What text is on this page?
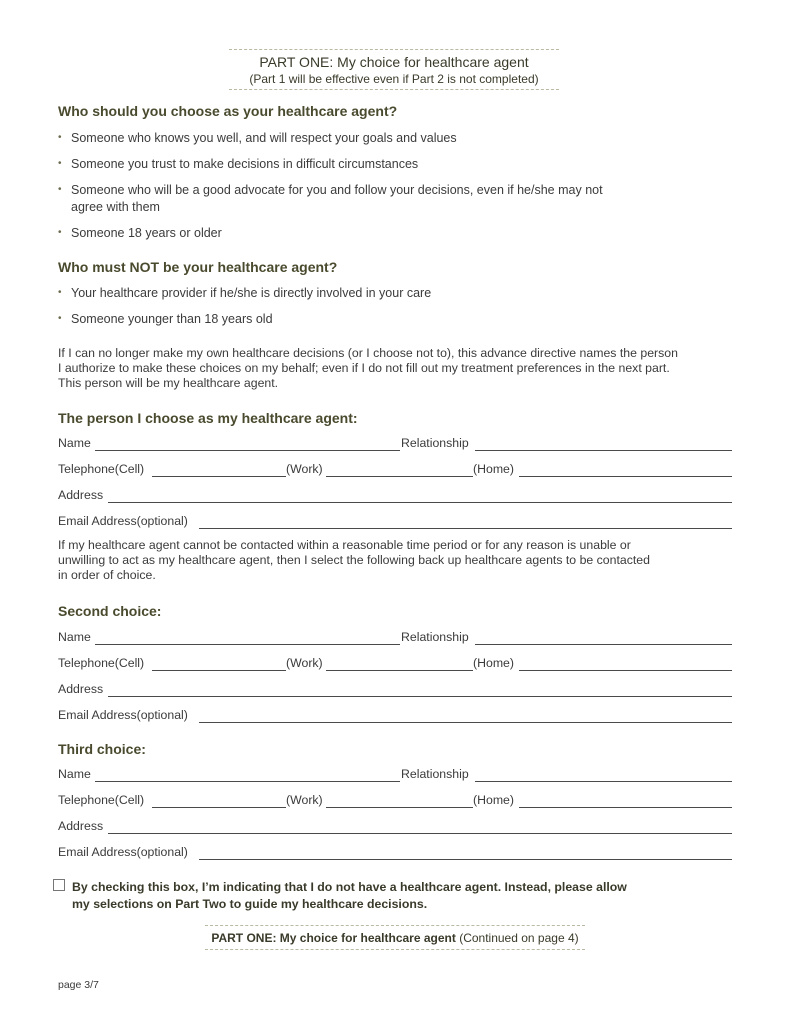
PART ONE: My choice for healthcare agent
(Part 1 will be effective even if Part 2 is not completed)
Who should you choose as your healthcare agent?
• Someone who knows you well, and will respect your goals and values
• Someone you trust to make decisions in difficult circumstances
• Someone who will be a good advocate for you and follow your decisions, even if he/she may not
agree with them
• Someone 18 years or older
Who must NOT be your healthcare agent?
• Your healthcare provider if he/she is directly involved in your care
• Someone younger than 18 years old
If I can no longer make my own healthcare decisions (or I choose not to), this advance directive names the person
I authorize to make these choices on my behalf; even if I do not fill out my treatment preferences in the next part.
This person will be my healthcare agent.
The person I choose as my healthcare agent:
Name	Relationship
Telephone(Cell)	(Work)	(Home)
Address
Email Address(optional)
If my healthcare agent cannot be contacted within a reasonable time period or for any reason is unable or
unwilling to act as my healthcare agent, then I select the following back up healthcare agents to be contacted
in order of choice.
Second choice:
Name	Relationship
Telephone(Cell)	(Work)	(Home)
Address
Email Address(optional)
Third choice:
Name	Relationship
Telephone(Cell)	(Work)	(Home)
Address
Email Address(optional)
By checking this box, I’m indicating that I do not have a healthcare agent. Instead, please allow
my selections on Part Two to guide my healthcare decisions.
PART ONE: My choice for healthcare agent (Continued on page 4)
page 3/7
